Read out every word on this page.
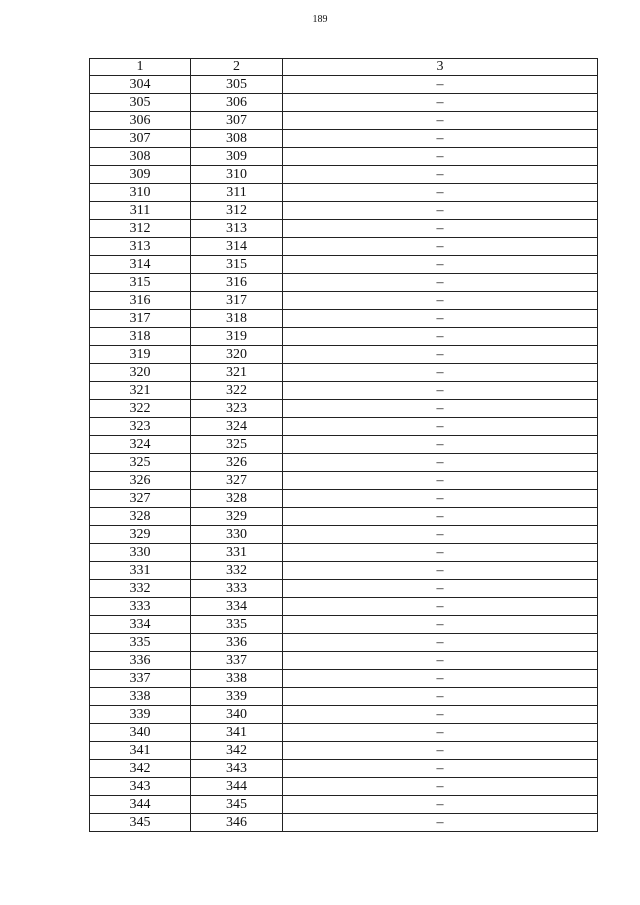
189
1	2	3
304	305	–
305	306	–
306	307	–
307	308	–
308	309	–
309	310	–
310	311	–
311	312	–
312	313	–
313	314	–
314	315	–
315	316	–
316	317	–
317	318	–
318	319	–
319	320	–
320	321	–
321	322	–
322	323	–
323	324	–
324	325	–
325	326	–
326	327	–
327	328	–
328	329	–
329	330	–
330	331	–
331	332	–
332	333	–
333	334	–
334	335	–
335	336	–
336	337	–
337	338	–
338	339	–
339	340	–
340	341	–
341	342	–
342	343	–
343	344	–
344	345	–
345	346	–
